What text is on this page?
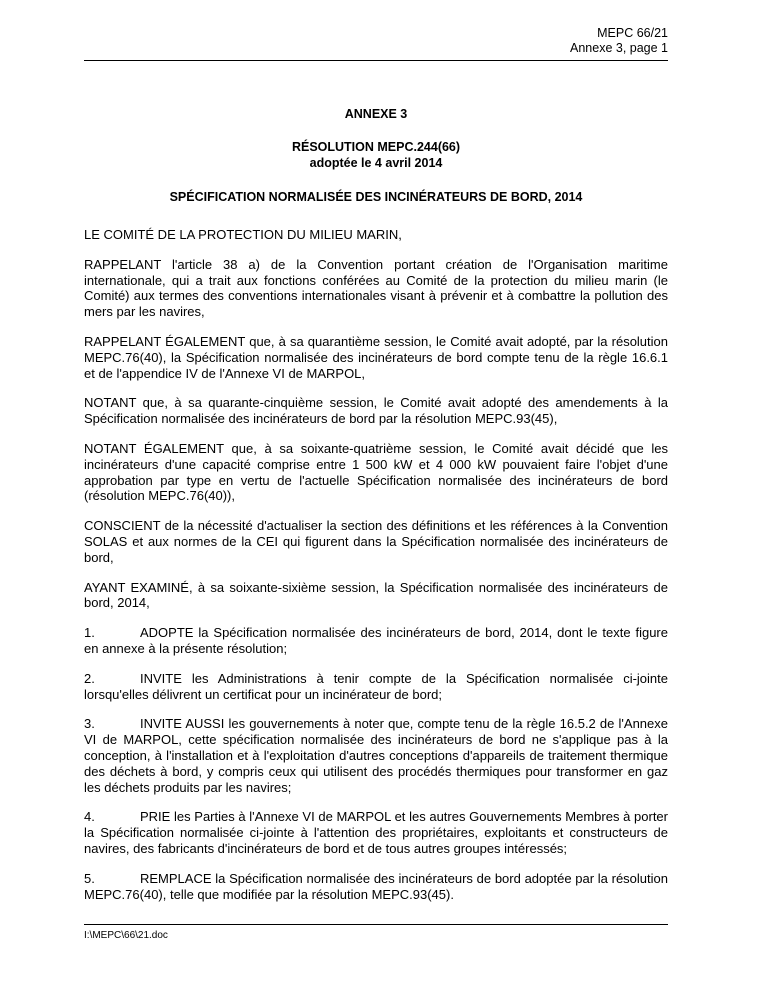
MEPC 66/21
Annexe 3, page 1
ANNEXE 3
RÉSOLUTION MEPC.244(66)
adoptée le 4 avril 2014
SPÉCIFICATION NORMALISÉE DES INCINÉRATEURS DE BORD, 2014

LE COMITÉ DE LA PROTECTION DU MILIEU MARIN,

RAPPELANT l'article 38 a) de la Convention portant création de l'Organisation maritime internationale, qui a trait aux fonctions conférées au Comité de la protection du milieu marin (le Comité) aux termes des conventions internationales visant à prévenir et à combattre la pollution des mers par les navires,

RAPPELANT ÉGALEMENT que, à sa quarantième session, le Comité avait adopté, par la résolution MEPC.76(40), la Spécification normalisée des incinérateurs de bord compte tenu de la règle 16.6.1 et de l'appendice IV de l'Annexe VI de MARPOL,

NOTANT que, à sa quarante-cinquième session, le Comité avait adopté des amendements à la Spécification normalisée des incinérateurs de bord par la résolution MEPC.93(45),

NOTANT ÉGALEMENT que, à sa soixante-quatrième session, le Comité avait décidé que les incinérateurs d'une capacité comprise entre 1 500 kW et 4 000 kW pouvaient faire l'objet d'une approbation par type en vertu de l'actuelle Spécification normalisée des incinérateurs de bord (résolution MEPC.76(40)),

CONSCIENT de la nécessité d'actualiser la section des définitions et les références à la Convention SOLAS et aux normes de la CEI qui figurent dans la Spécification normalisée des incinérateurs de bord,

AYANT EXAMINÉ, à sa soixante-sixième session, la Spécification normalisée des incinérateurs de bord, 2014,

1.	ADOPTE la Spécification normalisée des incinérateurs de bord, 2014, dont le texte figure en annexe à la présente résolution;

2.	INVITE les Administrations à tenir compte de la Spécification normalisée ci-jointe lorsqu'elles délivrent un certificat pour un incinérateur de bord;

3.	INVITE AUSSI les gouvernements à noter que, compte tenu de la règle 16.5.2 de l'Annexe VI de MARPOL, cette spécification normalisée des incinérateurs de bord ne s'applique pas à la conception, à l'installation et à l'exploitation d'autres conceptions d'appareils de traitement thermique des déchets à bord, y compris ceux qui utilisent des procédés thermiques pour transformer en gaz les déchets produits par les navires;

4.	PRIE les Parties à l'Annexe VI de MARPOL et les autres Gouvernements Membres à porter la Spécification normalisée ci-jointe à l'attention des propriétaires, exploitants et constructeurs de navires, des fabricants d'incinérateurs de bord et de tous autres groupes intéressés;

5.	REMPLACE la Spécification normalisée des incinérateurs de bord adoptée par la résolution MEPC.76(40), telle que modifiée par la résolution MEPC.93(45).

I:\MEPC\66\21.doc
